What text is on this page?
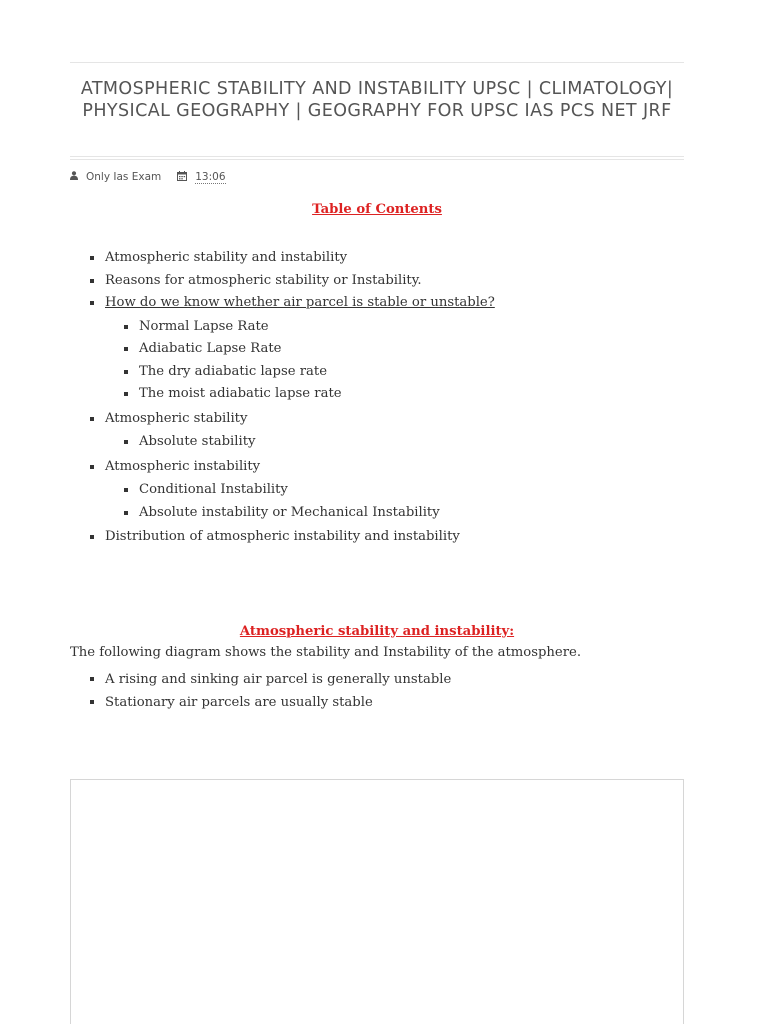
ATMOSPHERIC STABILITY AND INSTABILITY UPSC | CLIMATOLOGY| PHYSICAL GEOGRAPHY | GEOGRAPHY FOR UPSC IAS PCS NET JRF
Only Ias Exam	13:06
Table of Contents
Atmospheric stability and instability
Reasons for atmospheric stability or Instability.
How do we know whether air parcel is stable or unstable?
Normal Lapse Rate
Adiabatic Lapse Rate
The dry adiabatic lapse rate
The moist adiabatic lapse rate
Atmospheric stability
Absolute stability
Atmospheric instability
Conditional Instability
Absolute instability or Mechanical Instability
Distribution of atmospheric instability and instability
Atmospheric stability and instability:
The following diagram shows the stability and Instability of the atmosphere.
A rising and sinking air parcel is generally unstable
Stationary air parcels are usually stable
